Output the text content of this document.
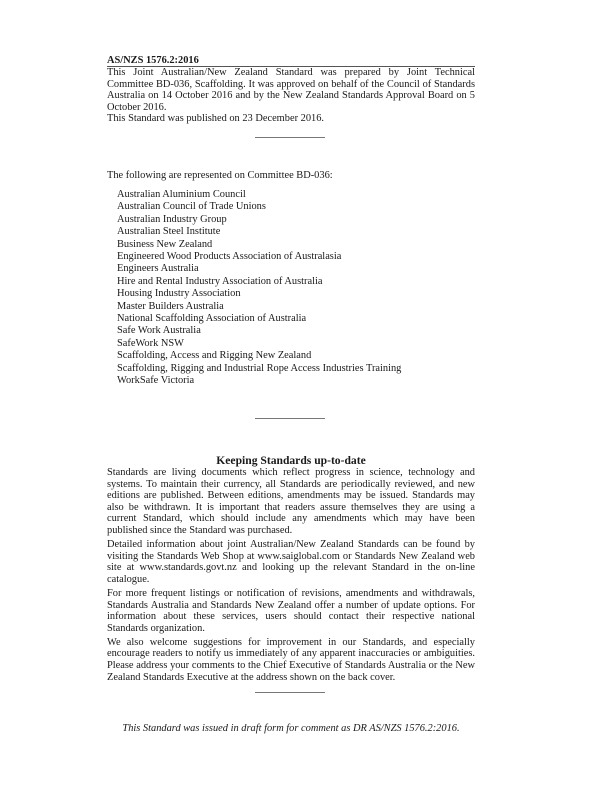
AS/NZS 1576.2:2016

This Joint Australian/New Zealand Standard was prepared by Joint Technical Committee BD-036, Scaffolding. It was approved on behalf of the Council of Standards Australia on 14 October 2016 and by the New Zealand Standards Approval Board on 5 October 2016.

This Standard was published on 23 December 2016.

The following are represented on Committee BD-036:
Australian Aluminium Council
Australian Council of Trade Unions
Australian Industry Group
Australian Steel Institute
Business New Zealand
Engineered Wood Products Association of Australasia
Engineers Australia
Hire and Rental Industry Association of Australia
Housing Industry Association
Master Builders Australia
National Scaffolding Association of Australia
Safe Work Australia
SafeWork NSW
Scaffolding, Access and Rigging New Zealand
Scaffolding, Rigging and Industrial Rope Access Industries Training
WorkSafe Victoria
Keeping Standards up-to-date

Standards are living documents which reflect progress in science, technology and systems. To maintain their currency, all Standards are periodically reviewed, and new editions are published. Between editions, amendments may be issued. Standards may also be withdrawn. It is important that readers assure themselves they are using a current Standard, which should include any amendments which may have been published since the Standard was purchased.

Detailed information about joint Australian/New Zealand Standards can be found by visiting the Standards Web Shop at www.saiglobal.com or Standards New Zealand web site at www.standards.govt.nz and looking up the relevant Standard in the on-line catalogue.

For more frequent listings or notification of revisions, amendments and withdrawals, Standards Australia and Standards New Zealand offer a number of update options. For information about these services, users should contact their respective national Standards organization.

We also welcome suggestions for improvement in our Standards, and especially encourage readers to notify us immediately of any apparent inaccuracies or ambiguities. Please address your comments to the Chief Executive of Standards Australia or the New Zealand Standards Executive at the address shown on the back cover.

This Standard was issued in draft form for comment as DR AS/NZS 1576.2:2016.
